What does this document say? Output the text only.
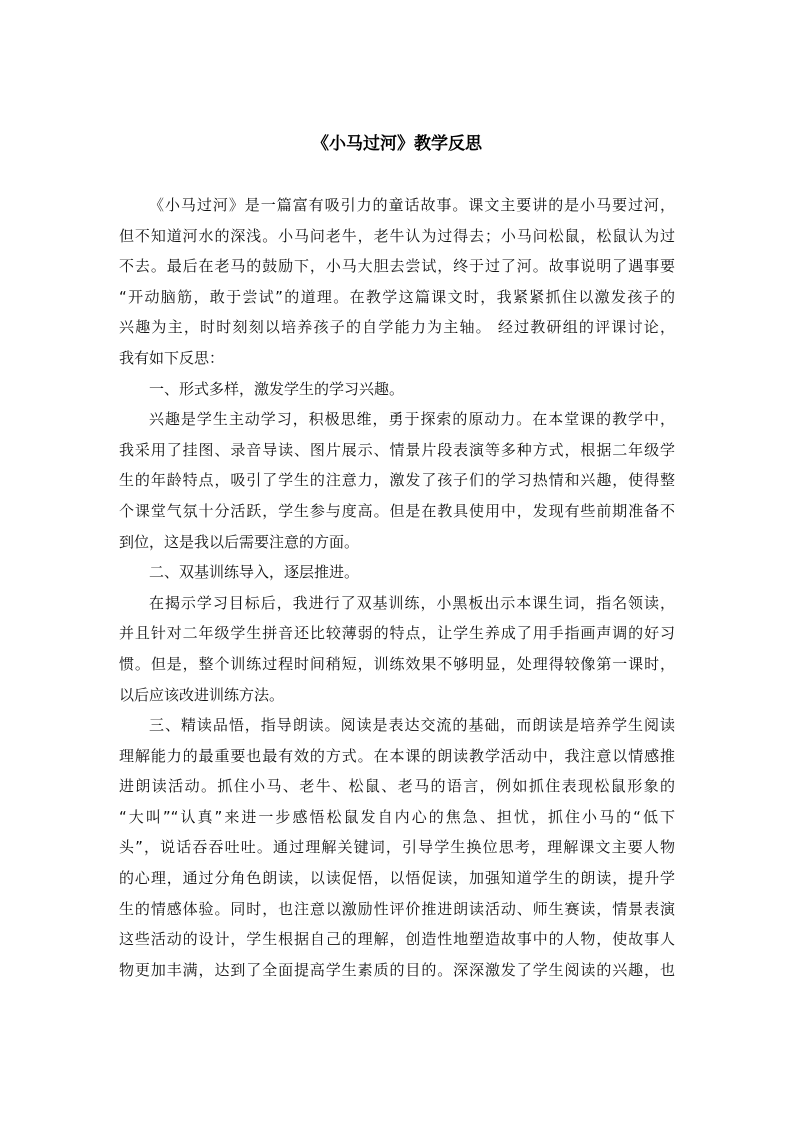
《小马过河》教学反思
《小马过河》是一篇富有吸引力的童话故事。课文主要讲的是小马要过河，
但不知道河水的深浅。小马问老牛，老牛认为过得去；小马问松鼠，松鼠认为过
不去。最后在老马的鼓励下，小马大胆去尝试，终于过了河。故事说明了遇事要
“开动脑筋，敢于尝试”的道理。在教学这篇课文时，我紧紧抓住以激发孩子的
兴趣为主，时时刻刻以培养孩子的自学能力为主轴。 经过教研组的评课讨论，
我有如下反思：
一、形式多样，激发学生的学习兴趣。
兴趣是学生主动学习，积极思维，勇于探索的原动力。在本堂课的教学中，
我采用了挂图、录音导读、图片展示、情景片段表演等多种方式，根据二年级学
生的年龄特点，吸引了学生的注意力，激发了孩子们的学习热情和兴趣，使得整
个课堂气氛十分活跃，学生参与度高。但是在教具使用中，发现有些前期准备不
到位，这是我以后需要注意的方面。
二、双基训练导入，逐层推进。
在揭示学习目标后，我进行了双基训练，小黑板出示本课生词，指名领读，
并且针对二年级学生拼音还比较薄弱的特点，让学生养成了用手指画声调的好习
惯。但是，整个训练过程时间稍短，训练效果不够明显，处理得较像第一课时，
以后应该改进训练方法。
三、精读品悟，指导朗读。阅读是表达交流的基础，而朗读是培养学生阅读
理解能力的最重要也最有效的方式。在本课的朗读教学活动中，我注意以情感推
进朗读活动。抓住小马、老牛、松鼠、老马的语言，例如抓住表现松鼠形象的
“大叫”“认真”来进一步感悟松鼠发自内心的焦急、担忧，抓住小马的“低下
头”，说话吞吞吐吐。通过理解关键词，引导学生换位思考，理解课文主要人物
的心理，通过分角色朗读，以读促悟，以悟促读，加强知道学生的朗读，提升学
生的情感体验。同时，也注意以激励性评价推进朗读活动、师生赛读，情景表演
这些活动的设计，学生根据自己的理解，创造性地塑造故事中的人物，使故事人
物更加丰满，达到了全面提高学生素质的目的。深深激发了学生阅读的兴趣，也
